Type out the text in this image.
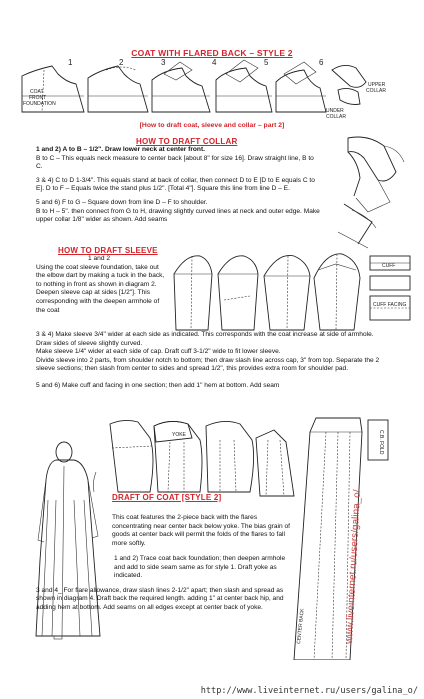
COAT WITH FLARED BACK – STYLE 2
1	2	3	4	5	6
COAT
FRONT
FOUNDATION
UPPER
COLLAR
UNDER
COLLAR
[How to draft coat, sleeve and collar – part 2]
HOW TO DRAFT COLLAR

1 and 2) A to B – 1/2". Draw lower neck at center front.

B to C – This equals neck measure to center back [about 8" for size 16]. Draw straight line, B to C.

3 & 4) C to D 1-3/4". This equals stand at back of collar, then connect D to E [D to E equals C to E]. D to F – Equals twice the stand plus 1/2". [Total 4"]. Square this line from line D – E.

5 and 6) F to G – Square down from line D – F to shoulder.

B to H – 5". then connect from G to H, drawing slightly curved lines at neck and outer edge. Make upper collar 1/8" wider as shown. Add seams

HOW TO DRAFT SLEEVE

1 and 2

Using the coat sleeve foundation, take out the elbow dart by making a tuck in the back, to nothing in front as shown in diagram 2.

Deepen sleeve cap at sides [1/2"]. This corresponding with the deepen armhole of the coat

CUFF
CUFF FACING

3 & 4) Make sleeve 3/4" wider at each side as indicated. This corresponds with the coat increase at side of armhole. Draw sides of sleeve slightly curved.

Make sleeve 1/4" wider at each side of cap. Draft cuff 3-1/2" wide to fit lower sleeve.

Divide sleeve into 2 parts, from shoulder notch to bottom; then draw slash line across cap, 3" from top. Separate the 2 sleeve sections; then slash from center to sides and spread 1/2", this provides extra room for shoulder pad.

5 and 6) Make cuff and facing in one section; then add 1" hem at bottom. Add seam

YOKE	C.B. FOLD
www.liveinternet.ru/users/galina_o/
CENTER BACK
DRAFT OF COAT [STYLE 2]

This coat features the 2-piece back with the flares concentrating near center back below yoke. The bias grain of goods at center back will permit the folds of the flares to fall more softly.

1 and 2) Trace coat back foundation; then deepen armhole and add to side seam same as for style 1. Draft yoke as indicated.

3 and 4_ For flare allowance, draw slash lines 2-1/2" apart; then slash and spread as shown in diagram 4. Draft back the required length. adding 1" at center back hip, and adding hem at bottom. Add seams on all edges except at center back of yoke.

http://www.liveinternet.ru/users/galina_o/
